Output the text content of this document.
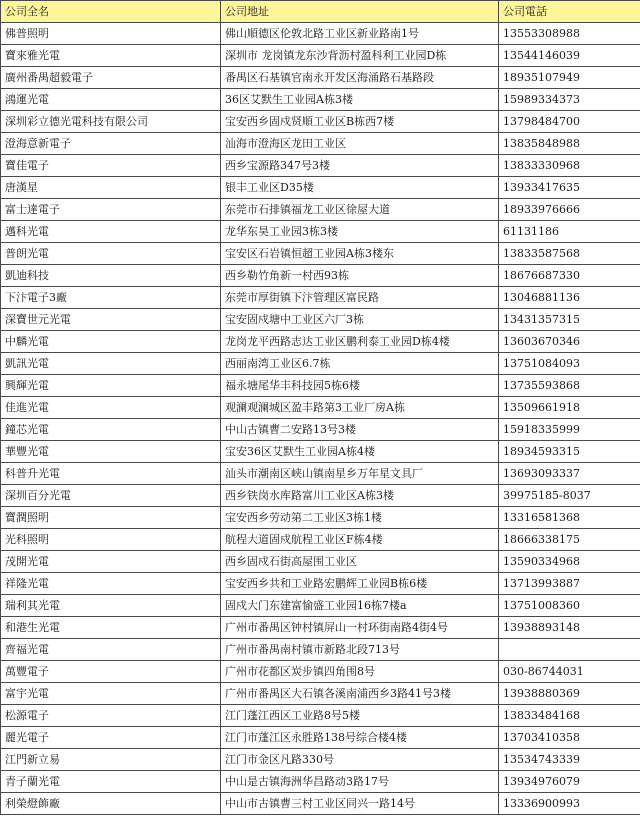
公司全名	公司地址	公司電話
佛普照明	佛山順德区伦敦北路工业区新业路南1号	13553308988
寶來雅光電	深圳市 龙岗镇龙东沙背沥村盈科利工业园D栋	13544146039
廣州番禺超毅電子	番禺区石基镇官南永开发区海涌路石基路段	18935107949
鴻運光電	36区艾默生工业园A栋3楼	15989334373
深圳彩立德光電科技有限公司	宝安西乡固戍贤順工业区B栋西7楼	13798484700
澄海意新電子	汕海市澄海区龙田工业区	13835848988
寶佳電子	西乡宝源路347号3楼	13833330968
唐漢星	银丰工业区D35楼	13933417635
富士達電子	东莞市石排镇福龙工业区徐屋大道	18933976666
邁科光電	龙华东昊工业园3栋3楼	61131186
普朗光電	宝安区石岩镇恒超工业园A栋3楼东	13833587568
凱迪科技	西乡勒竹角新一村西93栋	18676687330
下汴電子3廠	东莞市厚街镇下汴管理区富民路	13046881136
深寶世元光電	宝安固戍塘中工业区六厂3栋	13431357315
中麟光電	龙岗龙平西路志达工业区鹏利泰工业园D栋4楼	13603670346
凱訊光電	西丽南湾工业区6.7栋	13751084093
興輝光電	福永塘尾华丰科技园5栋6楼	13735593868
佳進光電	观澜观澜城区盈丰路第3工业厂房A栋	13509661918
鐘芯光電	中山古镇曹二安路13号3楼	15918335999
華豐光電	宝安36区艾默生工业园A栋4楼	18934593315
科普升光電	汕头市潮南区峡山镇南星乡万年星文具厂	13693093337
深圳百分光電	西乡铁岗水库路富川工业区A栋3楼	39975185-8037
寶潤照明	宝安西乡劳动第二工业区3栋1楼	13316581368
光科照明	航程大道固戍航程工业区F栋4楼	18666338175
茂開光電	西乡固戍石街高屋围工业区	13590334968
祥隆光電	宝安西乡共和工业路宏鹏辉工业园B栋6楼	13713993887
瑞利其光電	固戍大门东建富愉盛工业园16栋7楼a	13751008360
和港生光電	广州市番禺区钟村镇屏山一村环街南路4街4号	13938893148
齊福光電	广州市番禺南村镇市新路北段713号	
萬豐電子	广州市花都区炭步镇四角围8号	030-86744031
富宇光電	广州市番禺区大石镇各溪南浦西乡3路41号3楼	13938880369
松源電子	江门蓬江西区工业路8号5楼	13833484168
麗光電子	江门市蓬江区永胜路138号综合楼4楼	13703410358
江門新立易	江门市金区凡路330号	13534743339
青子蘭光電	中山是古镇海洲华昌路动3路17号	13934976079
利榮燈飾廠	中山市古镇曹三村工业区同兴一路14号	13336900993
